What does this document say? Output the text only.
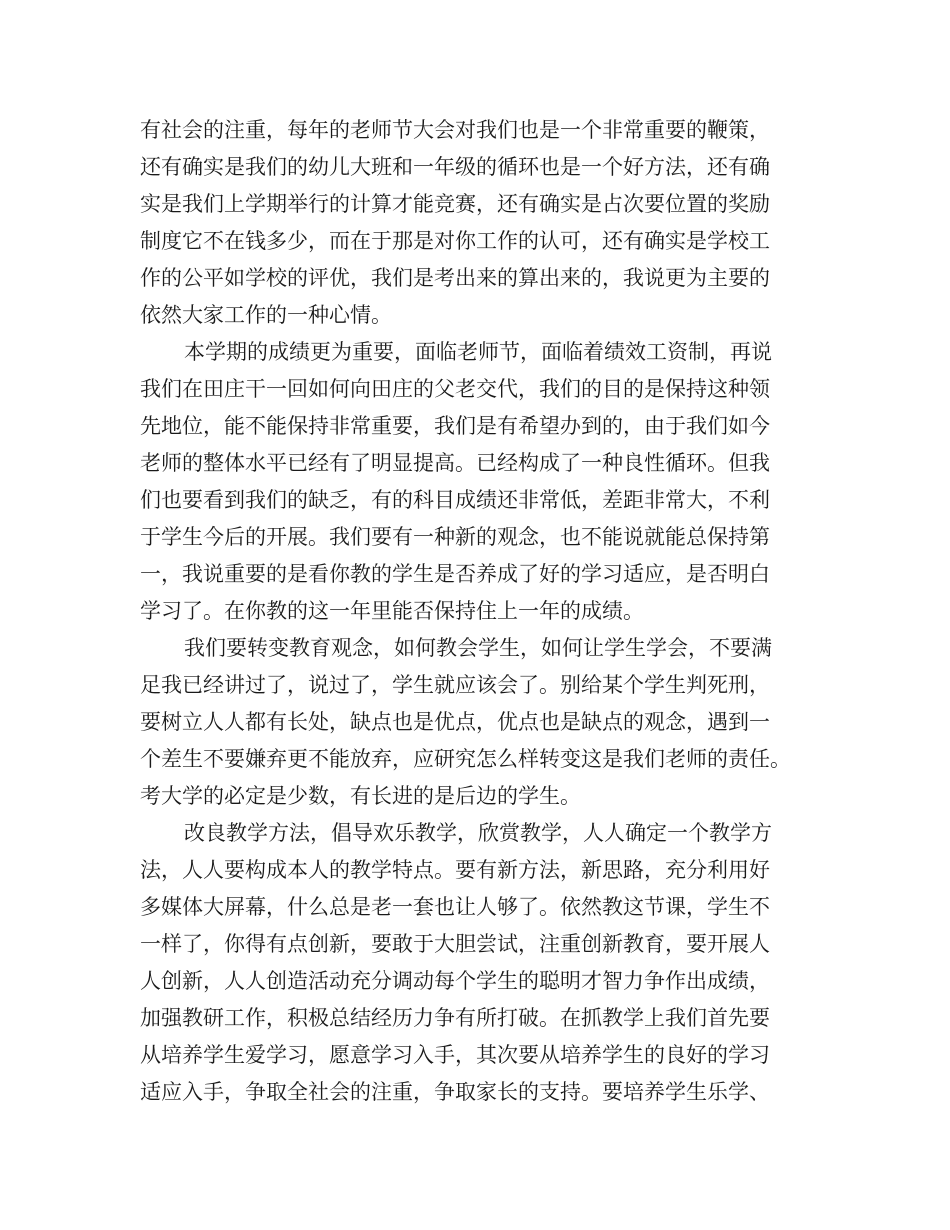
有社会的注重，每年的老师节大会对我们也是一个非常重要的鞭策，
还有确实是我们的幼儿大班和一年级的循环也是一个好方法，还有确
实是我们上学期举行的计算才能竞赛，还有确实是占次要位置的奖励
制度它不在钱多少，而在于那是对你工作的认可，还有确实是学校工
作的公平如学校的评优，我们是考出来的算出来的，我说更为主要的
依然大家工作的一种心情。
本学期的成绩更为重要，面临老师节，面临着绩效工资制，再说
我们在田庄干一回如何向田庄的父老交代，我们的目的是保持这种领
先地位，能不能保持非常重要，我们是有希望办到的，由于我们如今
老师的整体水平已经有了明显提高。已经构成了一种良性循环。但我
们也要看到我们的缺乏，有的科目成绩还非常低，差距非常大，不利
于学生今后的开展。我们要有一种新的观念，也不能说就能总保持第
一，我说重要的是看你教的学生是否养成了好的学习适应，是否明白
学习了。在你教的这一年里能否保持住上一年的成绩。
我们要转变教育观念，如何教会学生，如何让学生学会，不要满
足我已经讲过了，说过了，学生就应该会了。别给某个学生判死刑，
要树立人人都有长处，缺点也是优点，优点也是缺点的观念，遇到一
个差生不要嫌弃更不能放弃，应研究怎么样转变这是我们老师的责任。
考大学的必定是少数，有长进的是后边的学生。
改良教学方法，倡导欢乐教学，欣赏教学，人人确定一个教学方
法，人人要构成本人的教学特点。要有新方法，新思路，充分利用好
多媒体大屏幕，什么总是老一套也让人够了。依然教这节课，学生不
一样了，你得有点创新，要敢于大胆尝试，注重创新教育，要开展人
人创新，人人创造活动充分调动每个学生的聪明才智力争作出成绩，
加强教研工作，积极总结经历力争有所打破。在抓教学上我们首先要
从培养学生爱学习，愿意学习入手，其次要从培养学生的良好的学习
适应入手，争取全社会的注重，争取家长的支持。要培养学生乐学、
